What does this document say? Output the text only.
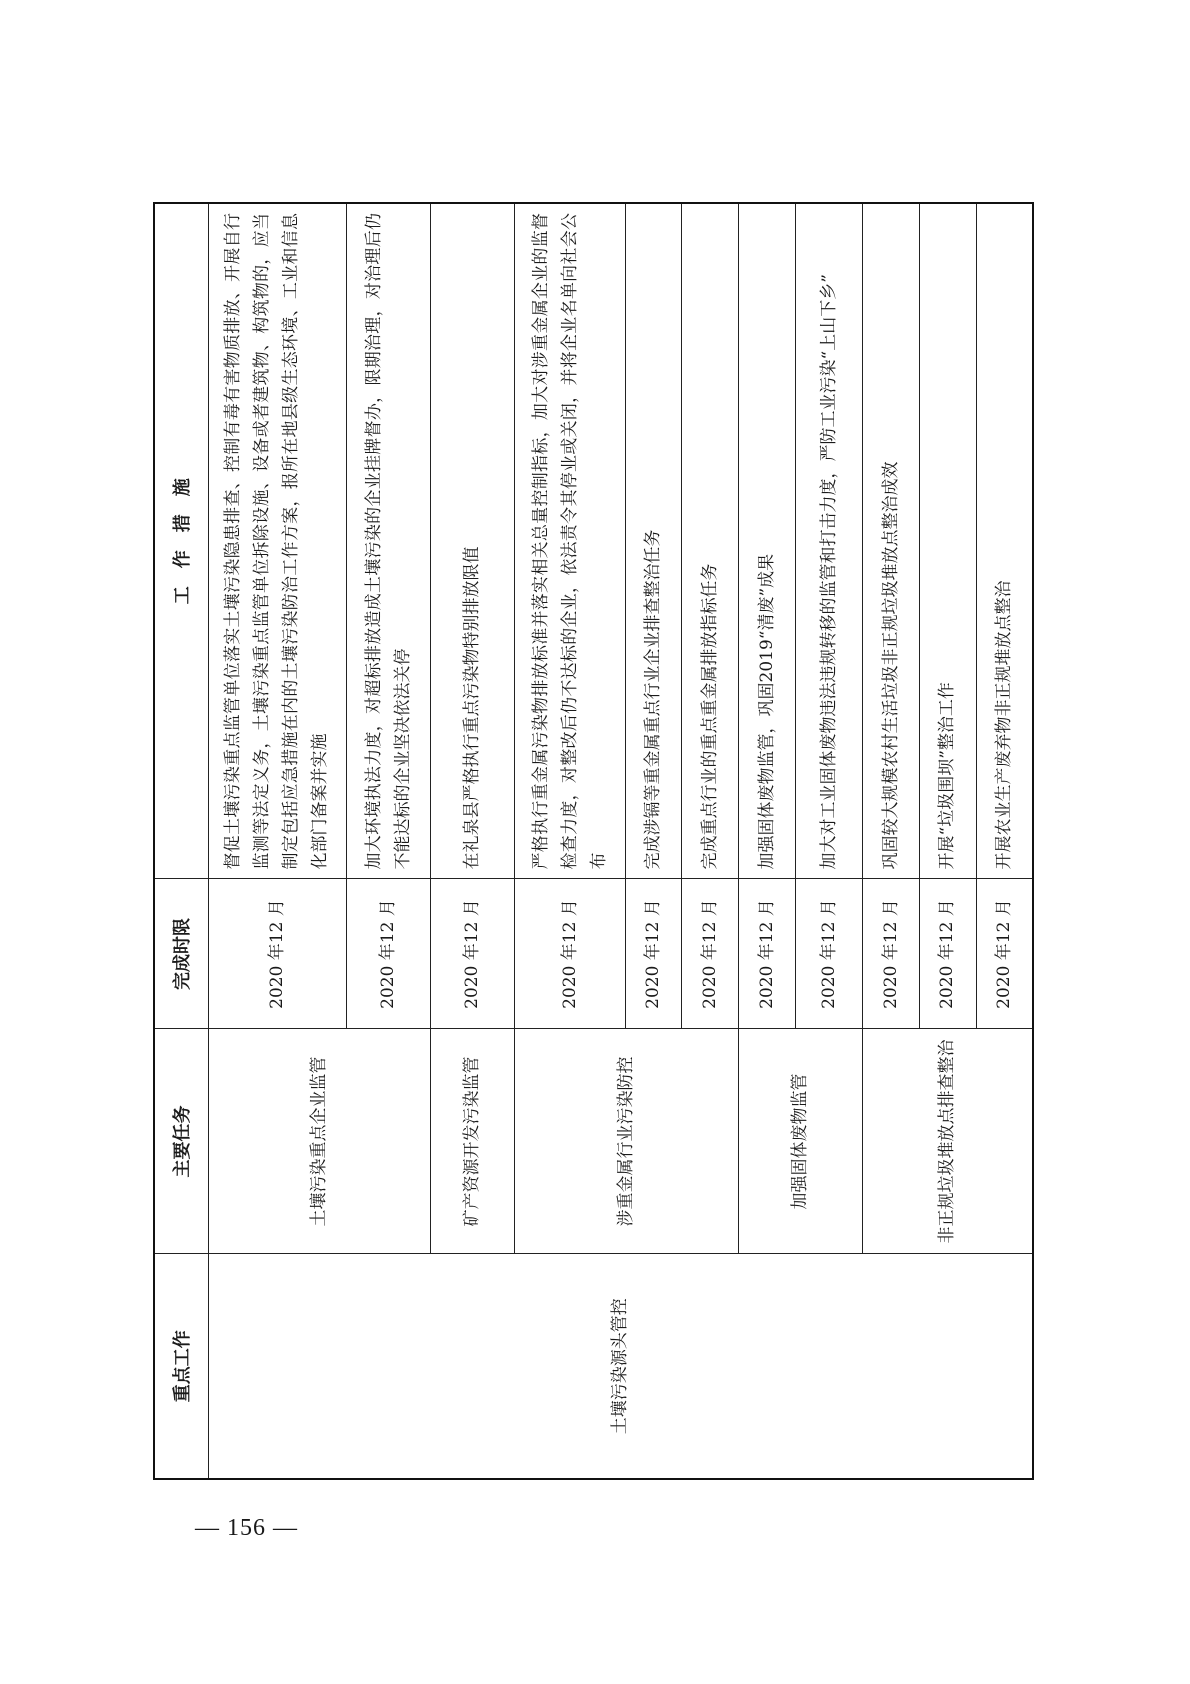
重点工作	主要任务	完成时限	工　作　措　施
土壤污染源头管控	土壤污染重点企业监管	2020 年12 月	督促土壤污染重点监管单位落实土壤污染隐患排查、控制有毒有害物质排放、开展自行监测等法定义务，土壤污染重点监管单位拆除设施、设备或者建筑物、构筑物的，应当制定包括应急措施在内的土壤污染防治工作方案，报所在地县级生态环境、工业和信息化部门备案并实施
		2020 年12 月	加大环境执法力度，对超标排放造成土壤污染的企业挂牌督办，限期治理，对治理后仍不能达标的企业坚决依法关停
	矿产资源开发污染监管	2020 年12 月	在礼泉县严格执行重点污染物特别排放限值
	涉重金属行业污染防控	2020 年12 月	严格执行重金属污染物排放标准并落实相关总量控制指标，加大对涉重金属企业的监督检查力度，对整改后仍不达标的企业，依法责令其停业或关闭，并将企业名单向社会公布
		2020 年12 月	完成涉镉等重金属重点行业企业排查整治任务
		2020 年12 月	完成重点行业的重点重金属排放指标任务
	加强固体废物监管	2020 年12 月	加强固体废物监管，巩固2019“清废”成果
		2020 年12 月	加大对工业固体废物违法违规转移的监管和打击力度，严防工业污染“上山下乡”
	非正规垃圾堆放点排查整治	2020 年12 月	巩固较大规模农村生活垃圾非正规垃圾堆放点整治成效
		2020 年12 月	开展“垃圾围坝”整治工作
		2020 年12 月	开展农业生产废弃物非正规堆放点整治
— 156 —
